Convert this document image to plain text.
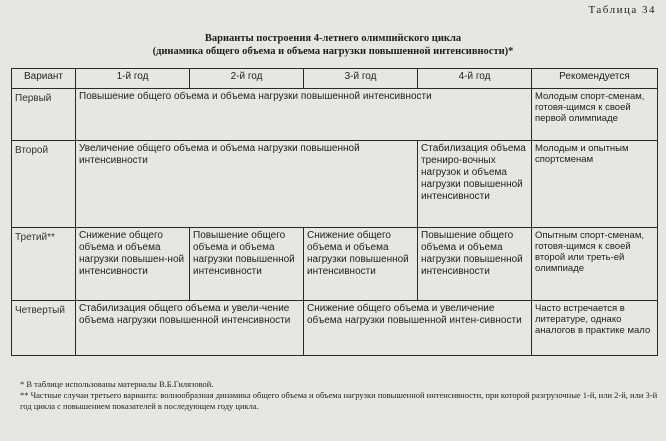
Таблица 34
Варианты построения 4-летнего олимпийского цикла
(динамика общего объема и объема нагрузки повышенной интенсивности)*
Вариант	1-й год	2-й год	3-й год	4-й год	Рекомендуется
Первый	Повышение общего объема и объема нагрузки повышенной интенсивности				Молодым спорт-сменам, готовя-щимся к своей первой олимпиаде
Второй	Увеличение общего объема и объема нагрузки повышенной интенсивности			Стабилизация объема трениро-вочных нагрузок и объема нагрузки повышенной интенсивности	Молодым и опытным спортсменам
Третий**	Снижение общего объема и объема нагрузки повышен-ной интенсивности	Повышение общего объема и объема нагрузки повышенной интенсивности	Снижение общего объема и объема нагрузки повышенной интенсивности	Повышение общего объема и объема нагрузки повышенной интенсивности	Опытным спорт-сменам, готовя-щимся к своей второй или треть-ей олимпиаде
Четвертый	Стабилизация общего объема и увели-чение объема нагрузки повышенной интенсивности		Снижение общего объема и увеличение объема нагрузки повышенной интен-сивности		Часто встречается в литературе, однако аналогов в практике мало

* В таблице использованы материалы В.Б.Гилязовой.

** Частные случаи третьего варианта: волнообразная динамика общего объема и объема нагрузки повышенной интенсивности, при которой разгрузочные 1-й, или 2-й, или 3-й год цикла с повышением показателей в последующем году цикла.
